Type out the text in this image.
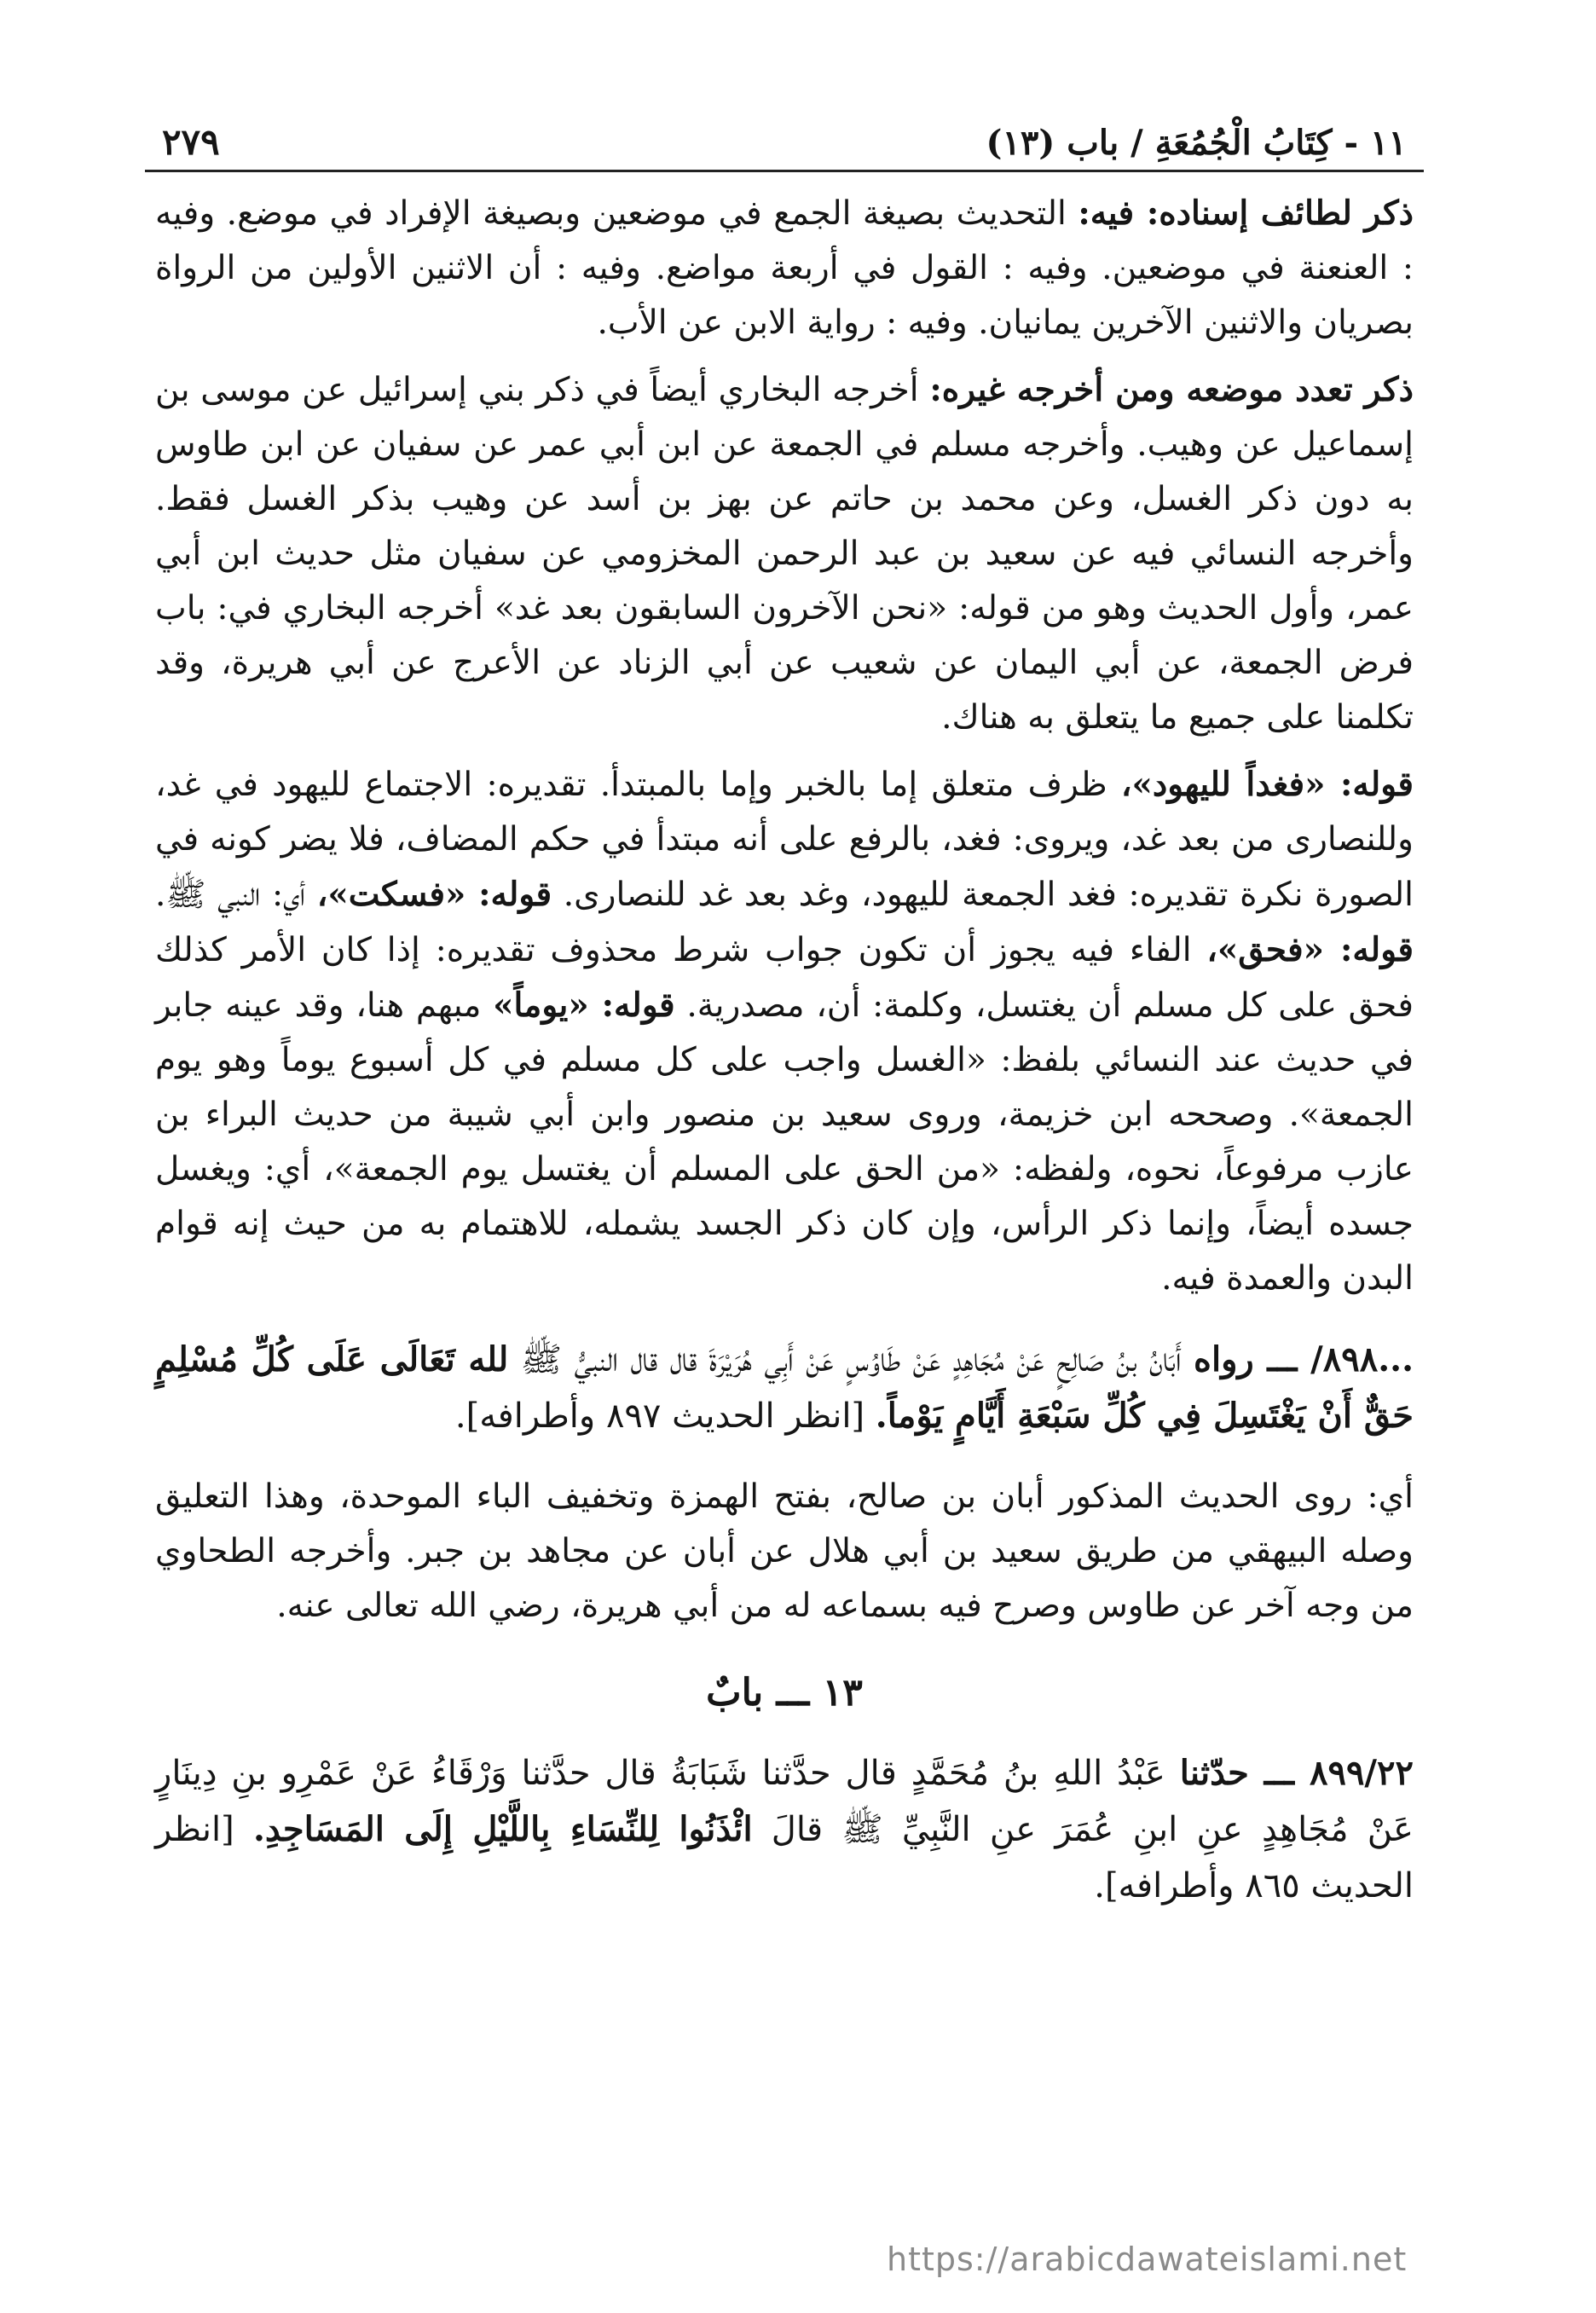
١١ - كِتَابُ الْجُمُعَةِ / باب (١٣)
٢٧٩

ذكر لطائف إسناده: فيه: التحديث بصيغة الجمع في موضعين وبصيغة الإفراد في موضع. وفيه : العنعنة في موضعين. وفيه : القول في أربعة مواضع. وفيه : أن الاثنين الأولين من الرواة بصريان والاثنين الآخرين يمانيان. وفيه : رواية الابن عن الأب.

ذكر تعدد موضعه ومن أخرجه غيره: أخرجه البخاري أيضاً في ذكر بني إسرائيل عن موسى بن إسماعيل عن وهيب. وأخرجه مسلم في الجمعة عن ابن أبي عمر عن سفيان عن ابن طاوس به دون ذكر الغسل، وعن محمد بن حاتم عن بهز بن أسد عن وهيب بذكر الغسل فقط. وأخرجه النسائي فيه عن سعيد بن عبد الرحمن المخزومي عن سفيان مثل حديث ابن أبي عمر، وأول الحديث وهو من قوله: «نحن الآخرون السابقون بعد غد» أخرجه البخاري في: باب فرض الجمعة، عن أبي اليمان عن شعيب عن أبي الزناد عن الأعرج عن أبي هريرة، وقد تكلمنا على جميع ما يتعلق به هناك.

قوله: «فغداً لليهود»، ظرف متعلق إما بالخبر وإما بالمبتدأ. تقديره: الاجتماع لليهود في غد، وللنصارى من بعد غد، ويروى: فغد، بالرفع على أنه مبتدأ في حكم المضاف، فلا يضر كونه في الصورة نكرة تقديره: فغد الجمعة لليهود، وغد بعد غد للنصارى. قوله: «فسكت»، أي: النبي ﷺ. قوله: «فحق»، الفاء فيه يجوز أن تكون جواب شرط محذوف تقديره: إذا كان الأمر كذلك فحق على كل مسلم أن يغتسل، وكلمة: أن، مصدرية. قوله: «يوماً» مبهم هنا، وقد عينه جابر في حديث عند النسائي بلفظ: «الغسل واجب على كل مسلم في كل أسبوع يوماً وهو يوم الجمعة». وصححه ابن خزيمة، وروى سعيد بن منصور وابن أبي شيبة من حديث البراء بن عازب مرفوعاً، نحوه، ولفظه: «من الحق على المسلم أن يغتسل يوم الجمعة»، أي: ويغسل جسده أيضاً، وإنما ذكر الرأس، وإن كان ذكر الجسد يشمله، للاهتمام به من حيث إنه قوام البدن والعمدة فيه.

...٨٩٨/ ـــ رواه أَبَانُ بنُ صَالِحٍ عَنْ مُجَاهِدٍ عَنْ طَاوُسٍ عَنْ أَبِي هُرَيْرَةَ قال قال النبيُّ ﷺ لله تَعَالَى عَلَى كُلِّ مُسْلِمٍ حَقٌّ أَنْ يَغْتَسِلَ فِي كُلِّ سَبْعَةِ أَيَّامٍ يَوْماً. [انظر الحديث ٨٩٧ وأطرافه].

أي: روى الحديث المذكور أبان بن صالح، بفتح الهمزة وتخفيف الباء الموحدة، وهذا التعليق وصله البيهقي من طريق سعيد بن أبي هلال عن أبان عن مجاهد بن جبر. وأخرجه الطحاوي من وجه آخر عن طاوس وصرح فيه بسماعه له من أبي هريرة، رضي الله تعالى عنه.

١٣ ـــ بابٌ

٨٩٩/٢٢ ـــ حدّثنا عَبْدُ اللهِ بنُ مُحَمَّدٍ قال حدَّثنا شَبَابَةُ قال حدَّثنا وَرْقَاءُ عَنْ عَمْرِو بنِ دِينَارٍ عَنْ مُجَاهِدٍ عنِ ابنِ عُمَرَ عنِ النَّبِيِّ ﷺ قالَ ائْذَنُوا لِلنِّسَاءِ بِاللَّيْلِ إِلَى المَسَاجِدِ. [انظر الحديث ٨٦٥ وأطرافه].

https://arabicdawateislami.net
